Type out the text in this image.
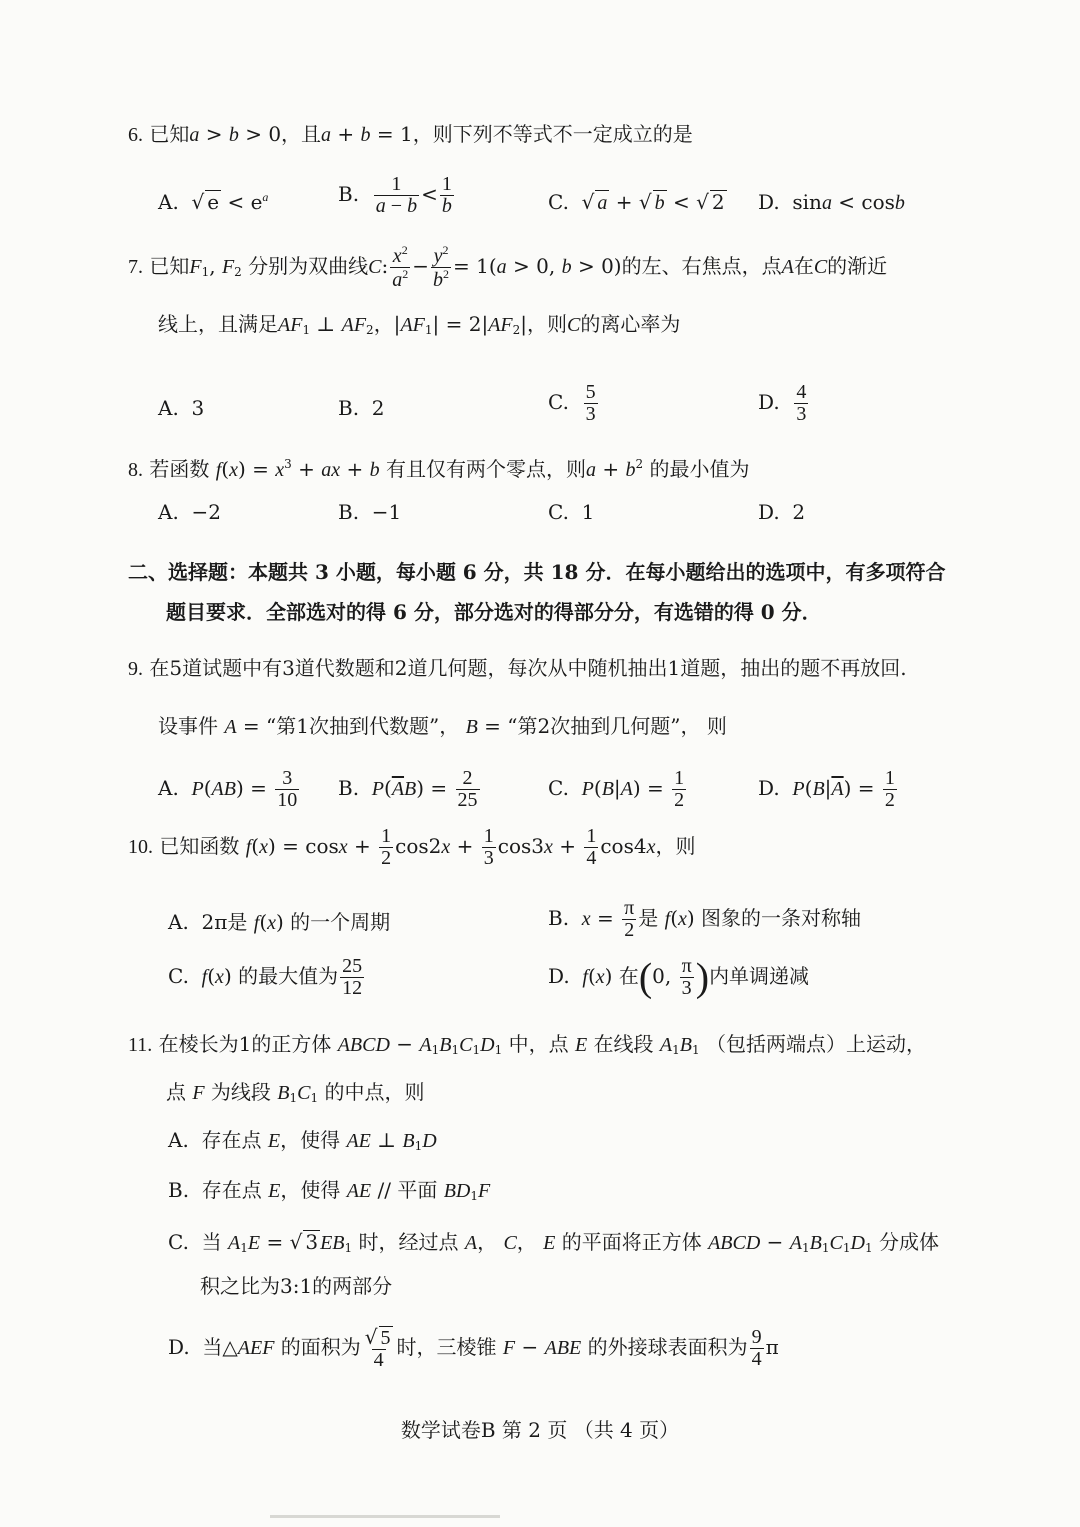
6. 已知a > b > 0，且a + b = 1，则下列不等式不一定成立的是
A.  √ $e < e^a$	B. $\frac{1}{a - b} < \frac{1}{b}$	C.  √ a + √ b < √ 2 D.  sina < cosb
7. 已知$F_1$, $F_2$ 分别为双曲线C: $\frac{x^2}{a^2} - \frac{y^2}{b^2} = 1(a > 0$, b > 0)的左、右焦点，点A在C的渐近
线上，且满足$AF_1$ ⊥ $AF_2$，$|AF_1| = 2|AF_2|$，则C的离心率为
A.  3	B.  2	C. $\frac{5}{3}$	D. $\frac{4}{3}$
8. 若函数 $f(x) = x^3$ + ax + b 有且仅有两个零点，则$a + b^2$ 的最小值为
A.  −2	B.  −1	C.  1	D.  2
二、选择题：本题共 3 小题，每小题 6 分，共 18 分．在每小题给出的选项中，有多项符合
题目要求．全部选对的得 6 分，部分选对的得部分分，有选错的得 0 分．
9. 在5道试题中有3道代数题和2道几何题，每次从中随机抽出1道题，抽出的题不再放回.
设事件 A = “第1次抽到代数题”， B = “第2次抽到几何题”， 则
A.  $P(AB) = \frac{3}{10} B$.  $P(\overline{A}B) = \frac{2}{25}$	C.  $P(B|A) = \frac{1}{2}$	D.  $P(B|\overline{A}) = \frac{1}{2}$
10. 已知函数 $f(x) = \cos x + \frac{1}{2} \cos 2x + \frac{1}{3} \cos 3x + \frac{1}{4} \cos 4x$，则
A.  2π是 f(x) 的一个周期	B.  $x = \frac{\pi}{2}$ 是 f(x) 图象的一条对称轴
C.  f(x) 的最大值为 $\frac{25}{12}$	D.  f(x) 在(0, $\frac{\pi}{3}$ )内单调递减
11. 在棱长为1的正方体 ABCD − $A_1B_1C_1D_1$ 中，点 E 在线段 $A_1B_1$ （包括两端点）上运动，
点 F 为线段 $B_1C_1$ 的中点，则
A.  存在点 E，使得 AE ⊥ $B_1D$
B.  存在点 E，使得 AE // 平面 $BD_1F$
C.  当 $A_1E$ = √ 3 $EB_1$ 时，经过点 A， C， E 的平面将正方体 ABCD − $A_1B_1C_1D_1$ 分成体
积之比为3:1的两部分
D.  当△AEF 的面积为 $\frac{√ 5}{4}$ 时，三棱锥 F − ABE 的外接球表面积为 $\frac{9}{4}$ π
数学试卷B 第 2 页 （共 4 页）
